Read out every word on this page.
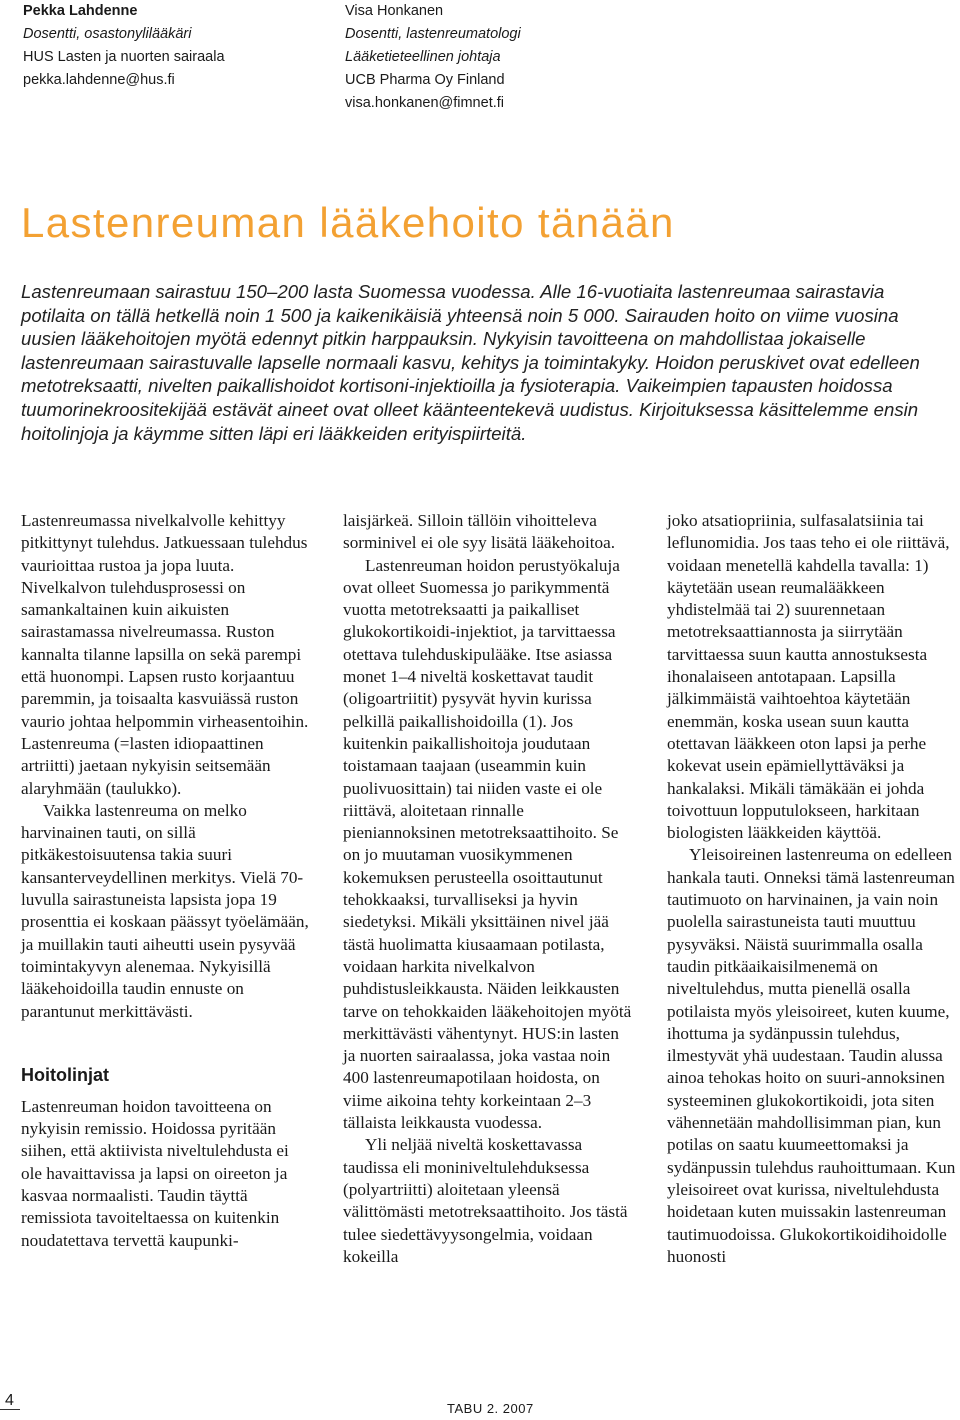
Pekka Lahdenne
Dosentti, osastonylilääkäri
HUS Lasten ja nuorten sairaala
pekka.lahdenne@hus.fi
Visa Honkanen
Dosentti, lastenreumatologi
Lääketieteellinen johtaja
UCB Pharma Oy Finland
visa.honkanen@fimnet.fi
Lastenreuman lääkehoito tänään

Lastenreumaan sairastuu 150–200 lasta Suomessa vuodessa. Alle 16-vuotiaita lastenreumaa sairastavia potilaita on tällä hetkellä noin 1 500 ja kaikenikäisiä yhteensä noin 5 000. Sairauden hoito on viime vuosina uusien lääkehoitojen myötä edennyt pitkin harppauksin. Nykyisin tavoitteena on mahdollistaa jokaiselle lastenreumaan sairastuvalle lapselle normaali kasvu, kehitys ja toimintakyky. Hoidon peruskivet ovat edelleen metotreksaatti, nivelten paikallishoidot kortisoni-injektioilla ja fysioterapia. Vaikeimpien tapausten hoidossa tuumorinekroositekijää estävät aineet ovat olleet käänteentekevä uudistus. Kirjoituksessa käsittelemme ensin hoitolinjoja ja käymme sitten läpi eri lääkkeiden erityispiirteitä.

Lastenreumassa nivelkalvolle kehittyy pitkittynyt tulehdus. Jatkuessaan tulehdus vaurioittaa rustoa ja jopa luuta. Nivelkalvon tulehdusprosessi on samankaltainen kuin aikuisten sairastamassa nivelreumassa. Ruston kannalta tilanne lapsilla on sekä parempi että huonompi. Lapsen rusto korjaantuu paremmin, ja toisaalta kasvuiässä ruston vaurio johtaa helpommin virheasentoihin. Lastenreuma (=lasten idiopaattinen artriitti) jaetaan nykyisin seitsemään alaryhmään (taulukko).

Vaikka lastenreuma on melko harvinainen tauti, on sillä pitkäkestoisuutensa takia suuri kansanterveydellinen merkitys. Vielä 70-luvulla sairastuneista lapsista jopa 19 prosenttia ei koskaan päässyt työelämään, ja muillakin tauti aiheutti usein pysyvää toimintakyvyn alenemaa. Nykyisillä lääkehoidoilla taudin ennuste on parantunut merkittävästi.

Hoitolinjat

Lastenreuman hoidon tavoitteena on nykyisin remissio. Hoidossa pyritään siihen, että aktiivista niveltulehdusta ei ole havaittavissa ja lapsi on oireeton ja kasvaa normaalisti. Taudin täyttä remissiota tavoiteltaessa on kuitenkin noudatettava tervettä kaupunki-

laisjärkeä. Silloin tällöin vihoitteleva sorminivel ei ole syy lisätä lääkehoitoa.

Lastenreuman hoidon perustyökaluja ovat olleet Suomessa jo parikymmentä vuotta metotreksaatti ja paikalliset glukokortikoidi-injektiot, ja tarvittaessa otettava tulehduskipulääke. Itse asiassa monet 1–4 niveltä koskettavat taudit (oligoartriitit) pysyvät hyvin kurissa pelkillä paikallishoidoilla (1). Jos kuitenkin paikallishoitoja joudutaan toistamaan taajaan (useammin kuin puolivuosittain) tai niiden vaste ei ole riittävä, aloitetaan rinnalle pieniannoksinen metotreksaattihoito. Se on jo muutaman vuosikymmenen kokemuksen perusteella osoittautunut tehokkaaksi, turvalliseksi ja hyvin siedetyksi. Mikäli yksittäinen nivel jää tästä huolimatta kiusaamaan potilasta, voidaan harkita nivelkalvon puhdistusleikkausta. Näiden leikkausten tarve on tehokkaiden lääkehoitojen myötä merkittävästi vähentynyt. HUS:in lasten ja nuorten sairaalassa, joka vastaa noin 400 lastenreumapotilaan hoidosta, on viime aikoina tehty korkeintaan 2–3 tällaista leikkausta vuodessa.

Yli neljää niveltä koskettavassa taudissa eli moniniveltulehduksessa (polyartriitti) aloitetaan yleensä välittömästi metotreksaattihoito. Jos tästä tulee siedettävyysongelmia, voidaan kokeilla

joko atsatiopriinia, sulfasalatsiinia tai leflunomidia. Jos taas teho ei ole riittävä, voidaan menetellä kahdella tavalla: 1) käytetään usean reumalääkkeen yhdistelmää tai 2) suurennetaan metotreksaattiannosta ja siirrytään tarvittaessa suun kautta annostuksesta ihonalaiseen antotapaan. Lapsilla jälkimmäistä vaihtoehtoa käytetään enemmän, koska usean suun kautta otettavan lääkkeen oton lapsi ja perhe kokevat usein epämiellyttäväksi ja hankalaksi. Mikäli tämäkään ei johda toivottuun lopputulokseen, harkitaan biologisten lääkkeiden käyttöä.

Yleisoireinen lastenreuma on edelleen hankala tauti. Onneksi tämä lastenreuman tautimuoto on harvinainen, ja vain noin puolella sairastuneista tauti muuttuu pysyväksi. Näistä suurimmalla osalla taudin pitkäaikaisilmenemä on niveltulehdus, mutta pienellä osalla potilaista myös yleisoireet, kuten kuume, ihottuma ja sydänpussin tulehdus, ilmestyvät yhä uudestaan. Taudin alussa ainoa tehokas hoito on suuri-annoksinen systeeminen glukokortikoidi, jota siten vähennetään mahdollisimman pian, kun potilas on saatu kuumeettomaksi ja sydänpussin tulehdus rauhoittumaan. Kun yleisoireet ovat kurissa, niveltulehdusta hoidetaan kuten muissakin lastenreuman tautimuodoissa. Glukokortikoidihoidolle huonosti

4	TABU 2. 2007
